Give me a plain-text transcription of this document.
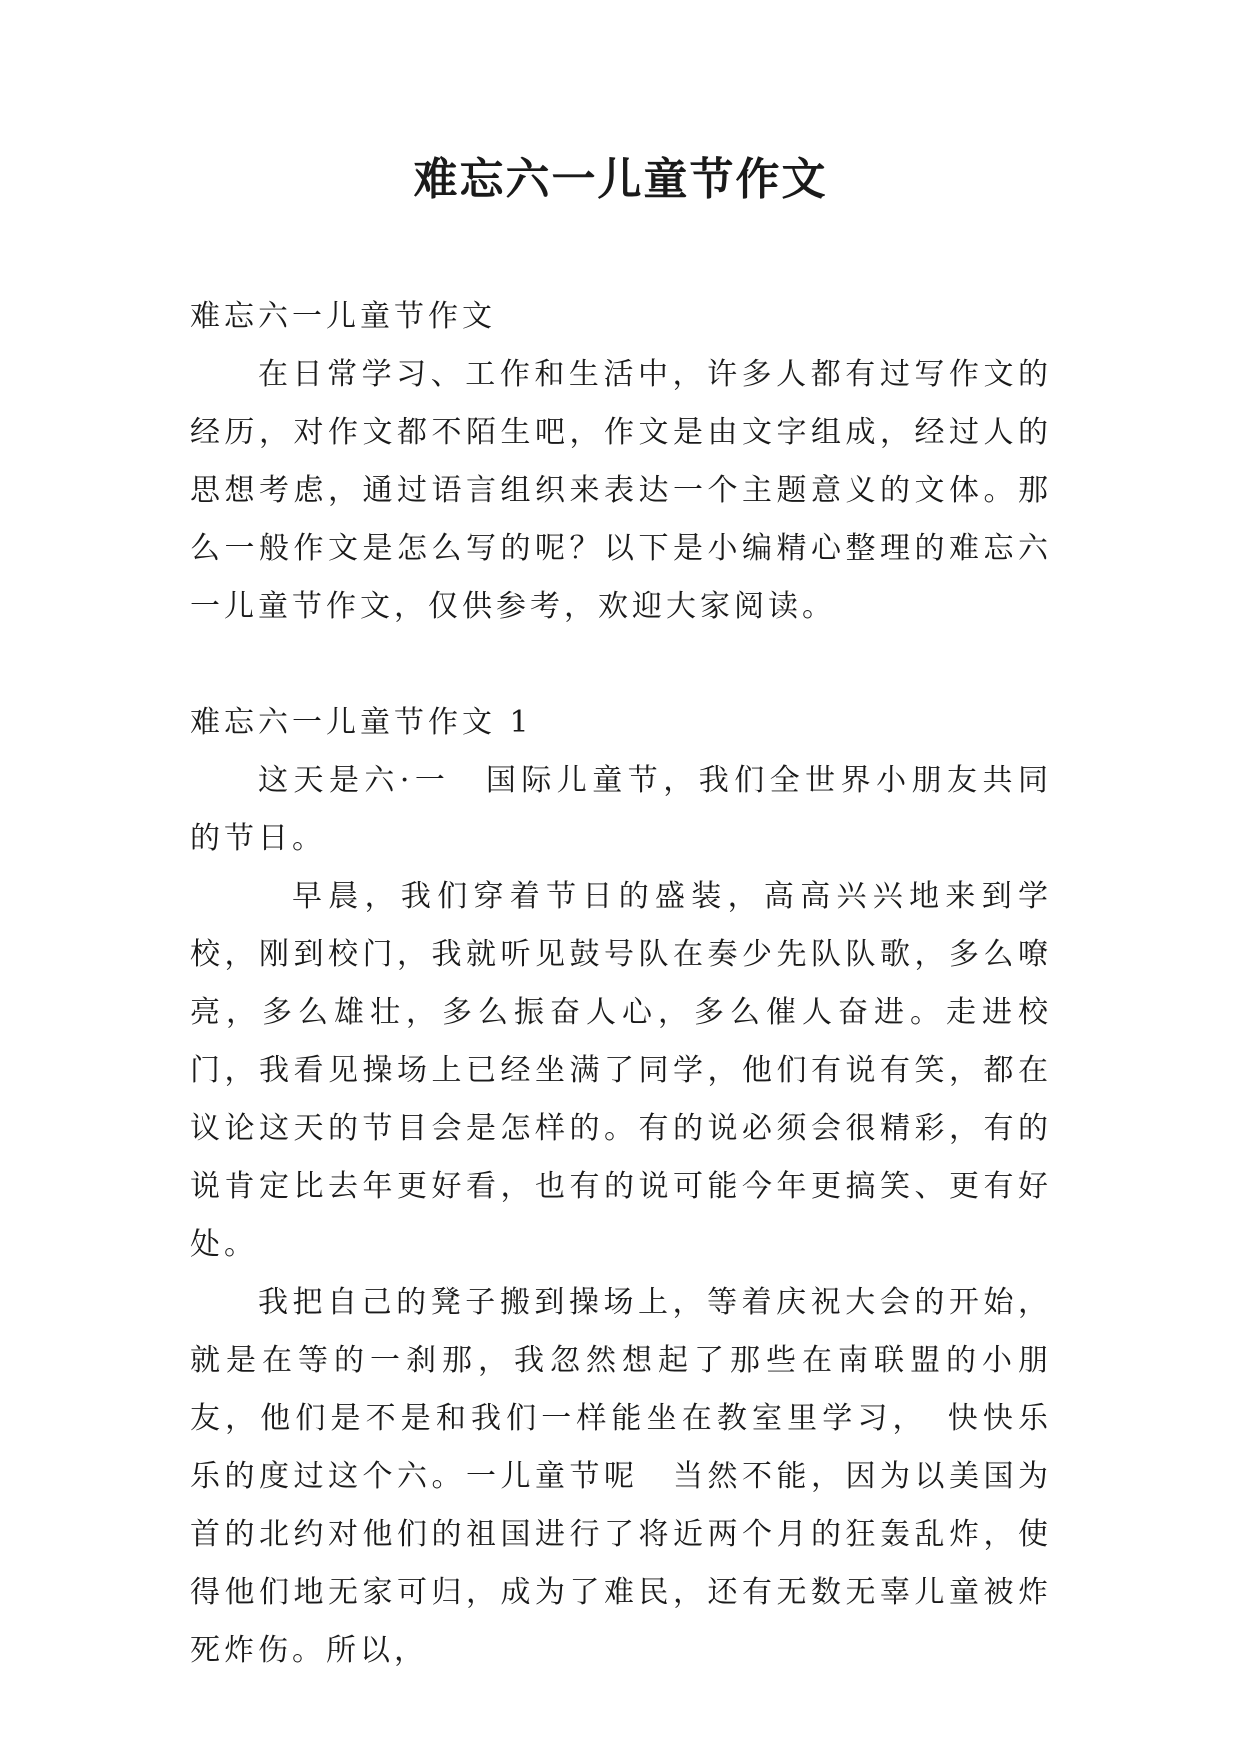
难忘六一儿童节作文

难忘六一儿童节作文

在日常学习、工作和生活中，许多人都有过写作文的经历，对作文都不陌生吧，作文是由文字组成，经过人的思想考虑，通过语言组织来表达一个主题意义的文体。那么一般作文是怎么写的呢？以下是小编精心整理的难忘六一儿童节作文，仅供参考，欢迎大家阅读。

难忘六一儿童节作文 1

这天是六·一　国际儿童节，我们全世界小朋友共同的节日。

早晨，我们穿着节日的盛装，高高兴兴地来到学校，刚到校门，我就听见鼓号队在奏少先队队歌，多么嘹亮，多么雄壮，多么振奋人心，多么催人奋进。走进校门，我看见操场上已经坐满了同学，他们有说有笑，都在议论这天的节目会是怎样的。有的说必须会很精彩，有的说肯定比去年更好看，也有的说可能今年更搞笑、更有好处。

我把自己的凳子搬到操场上，等着庆祝大会的开始，就是在等的一刹那，我忽然想起了那些在南联盟的小朋友，他们是不是和我们一样能坐在教室里学习，　快快乐乐的度过这个六。一儿童节呢　当然不能，因为以美国为首的北约对他们的祖国进行了将近两个月的狂轰乱炸，使得他们地无家可归，成为了难民，还有无数无辜儿童被炸死炸伤。所以，
